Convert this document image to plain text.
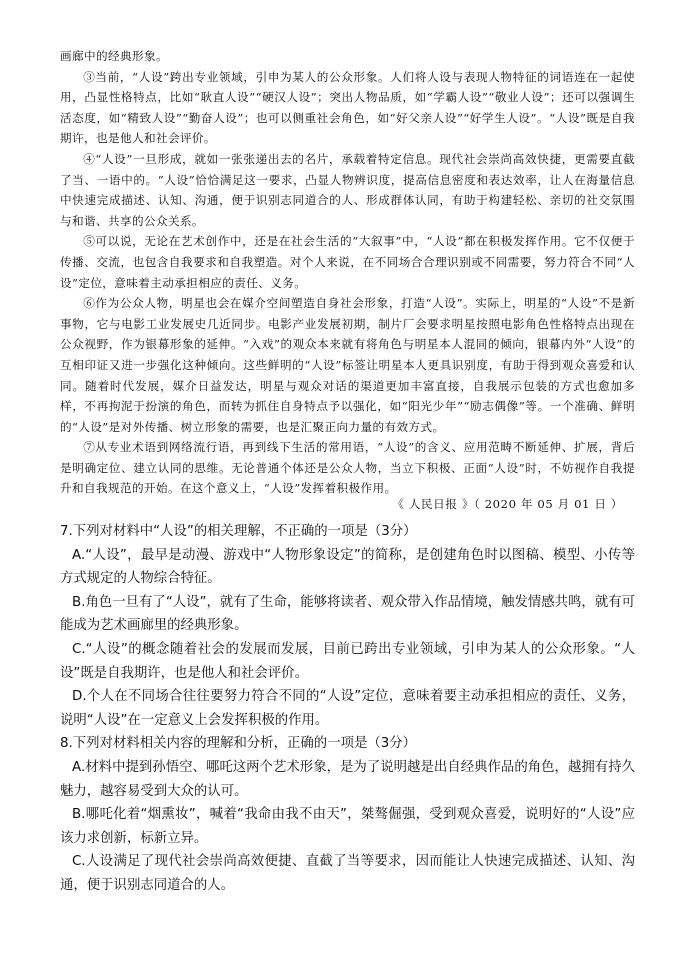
画廊中的经典形象。

③当前，“人设”跨出专业领域，引申为某人的公众形象。人们将人设与表现人物特征的词语连在一起使用，凸显性格特点，比如“耿直人设”“硬汉人设”；突出人物品质，如“学霸人设”“敬业人设”；还可以强调生活态度，如“精致人设”“勤奋人设”；也可以侧重社会角色，如“好父亲人设”“好学生人设”。“人设”既是自我期许，也是他人和社会评价。

④“人设”一旦形成，就如一张张递出去的名片，承载着特定信息。现代社会崇尚高效快捷，更需要直截了当、一语中的。“人设”恰恰满足这一要求，凸显人物辨识度，提高信息密度和表达效率，让人在海量信息中快速完成描述、认知、沟通，便于识别志同道合的人、形成群体认同，有助于构建轻松、亲切的社交氛围与和谐、共享的公众关系。

⑤可以说，无论在艺术创作中，还是在社会生活的“大叙事”中，“人设”都在积极发挥作用。它不仅便于传播、交流，也包含自我要求和自我塑造。对个人来说，在不同场合合理识别或不同需要，努力符合不同“人设”定位，意味着主动承担相应的责任、义务。

⑥作为公众人物，明星也会在媒介空间塑造自身社会形象，打造“人设”。实际上，明星的“人设”不是新事物，它与电影工业发展史几近同步。电影产业发展初期，制片厂会要求明星按照电影角色性格特点出现在公众视野，作为银幕形象的延伸。“入戏”的观众本来就有将角色与明星本人混同的倾向，银幕内外“人设”的互相印证又进一步强化这种倾向。这些鲜明的“人设”标签让明星本人更具识别度，有助于得到观众喜爱和认同。随着时代发展，媒介日益发达，明星与观众对话的渠道更加丰富直接，自我展示包装的方式也愈加多样，不再拘泥于扮演的角色，而转为抓住自身特点予以强化，如“阳光少年”“励志偶像”等。一个准确、鲜明的“人设”是对外传播、树立形象的需要，也是汇聚正向力量的有效方式。

⑦从专业术语到网络流行语，再到线下生活的常用语，“人设”的含义、应用范畴不断延伸、扩展，背后是明确定位、建立认同的思维。无论普通个体还是公众人物，当立下积极、正面“人设”时，不妨视作自我提升和自我规范的开始。在这个意义上，“人设”发挥着积极作用。

《 人民日报 》（ 2020 年 05 月 01 日 ）

7.下列对材料中“人设”的相关理解，不正确的一项是（3分）

A.“人设”，最早是动漫、游戏中“人物形象设定”的简称，是创建角色时以图稿、模型、小传等方式规定的人物综合特征。

B.角色一旦有了“人设”，就有了生命，能够将读者、观众带入作品情境，触发情感共鸣，就有可能成为艺术画廊里的经典形象。

C.“人设”的概念随着社会的发展而发展，目前已跨出专业领域，引申为某人的公众形象。“人设”既是自我期许，也是他人和社会评价。

D.个人在不同场合往往要努力符合不同的“人设”定位，意味着要主动承担相应的责任、义务，说明“人设”在一定意义上会发挥积极的作用。

8.下列对材料相关内容的理解和分析，正确的一项是（3分）

A.材料中提到孙悟空、哪吒这两个艺术形象，是为了说明越是出自经典作品的角色，越拥有持久魅力，越容易受到大众的认可。

B.哪吒化着“烟熏妆”，喊着“我命由我不由天”，桀骜倔强，受到观众喜爱，说明好的“人设”应该力求创新，标新立异。

C.人设满足了现代社会崇尚高效便捷、直截了当等要求，因而能让人快速完成描述、认知、沟通，便于识别志同道合的人。
